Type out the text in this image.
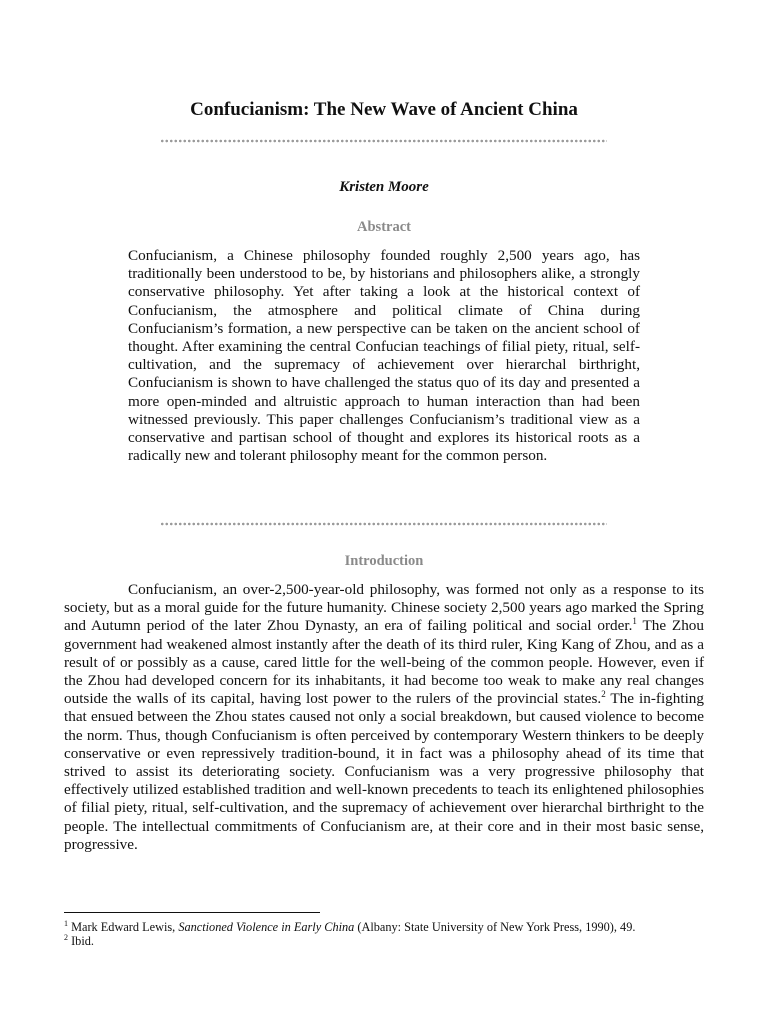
Confucianism: The New Wave of Ancient China
Kristen Moore
Abstract
Confucianism, a Chinese philosophy founded roughly 2,500 years ago, has traditionally been understood to be, by historians and philosophers alike, a strongly conservative philosophy. Yet after taking a look at the historical context of Confucianism, the atmosphere and political climate of China during Confucianism’s formation, a new perspective can be taken on the ancient school of thought. After examining the central Confucian teachings of filial piety, ritual, self-cultivation, and the supremacy of achievement over hierarchal birthright, Confucianism is shown to have challenged the status quo of its day and presented a more open-minded and altruistic approach to human interaction than had been witnessed previously. This paper challenges Confucianism’s traditional view as a conservative and partisan school of thought and explores its historical roots as a radically new and tolerant philosophy meant for the common person.
Introduction
Confucianism, an over-2,500-year-old philosophy, was formed not only as a response to its society, but as a moral guide for the future humanity. Chinese society 2,500 years ago marked the Spring and Autumn period of the later Zhou Dynasty, an era of failing political and social order.$^1$ The Zhou government had weakened almost instantly after the death of its third ruler, King Kang of Zhou, and as a result of or possibly as a cause, cared little for the well-being of the common people. However, even if the Zhou had developed concern for its inhabitants, it had become too weak to make any real changes outside the walls of its capital, having lost power to the rulers of the provincial states.$^2$ The in-fighting that ensued between the Zhou states caused not only a social breakdown, but caused violence to become the norm. Thus, though Confucianism is often perceived by contemporary Western thinkers to be deeply conservative or even repressively tradition-bound, it in fact was a philosophy ahead of its time that strived to assist its deteriorating society. Confucianism was a very progressive philosophy that effectively utilized established tradition and well-known precedents to teach its enlightened philosophies of filial piety, ritual, self-cultivation, and the supremacy of achievement over hierarchal birthright to the people. The intellectual commitments of Confucianism are, at their core and in their most basic sense, progressive.

$^1$ Mark Edward Lewis, Sanctioned Violence in Early China (Albany: State University of New York Press, 1990), 49.

$^2$ Ibid.
